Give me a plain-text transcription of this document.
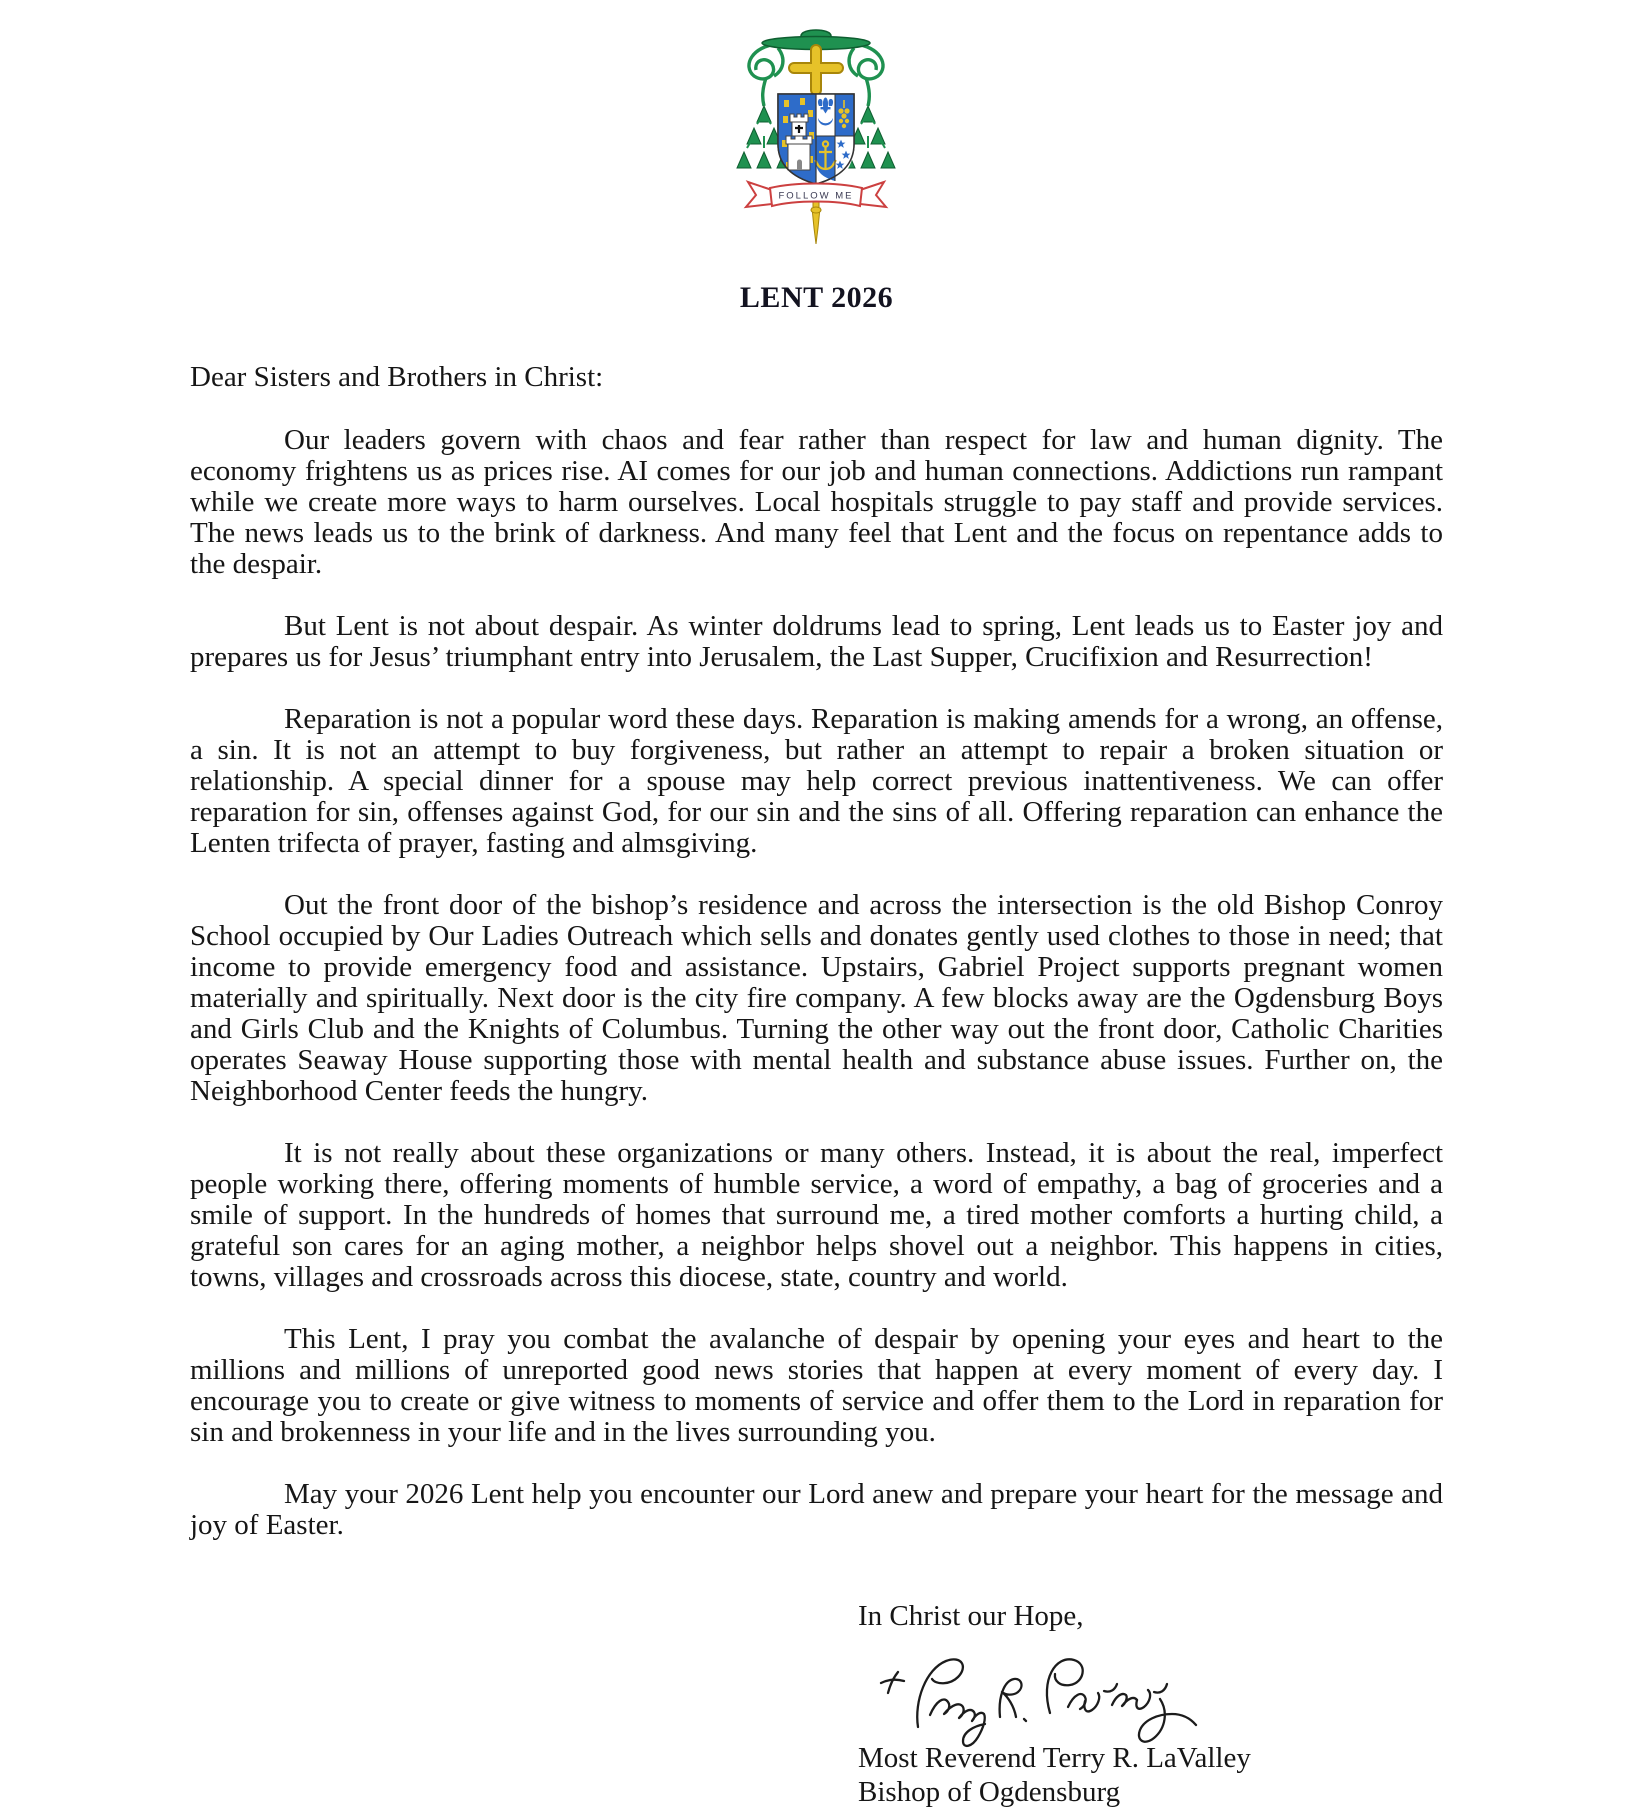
FOLLOW ME
LENT 2026
Dear Sisters and Brothers in Christ:

Our leaders govern with chaos and fear rather than respect for law and human dignity. The economy frightens us as prices rise. AI comes for our job and human connections. Addictions run rampant while we create more ways to harm ourselves. Local hospitals struggle to pay staff and provide services. The news leads us to the brink of darkness. And many feel that Lent and the focus on repentance adds to the despair.

But Lent is not about despair. As winter doldrums lead to spring, Lent leads us to Easter joy and prepares us for Jesus’ triumphant entry into Jerusalem, the Last Supper, Crucifixion and Resurrection!

Reparation is not a popular word these days. Reparation is making amends for a wrong, an offense, a sin. It is not an attempt to buy forgiveness, but rather an attempt to repair a broken situation or relationship. A special dinner for a spouse may help correct previous inattentiveness. We can offer reparation for sin, offenses against God, for our sin and the sins of all. Offering reparation can enhance the Lenten trifecta of prayer, fasting and almsgiving.

Out the front door of the bishop’s residence and across the intersection is the old Bishop Conroy School occupied by Our Ladies Outreach which sells and donates gently used clothes to those in need; that income to provide emergency food and assistance. Upstairs, Gabriel Project supports pregnant women materially and spiritually. Next door is the city fire company. A few blocks away are the Ogdensburg Boys and Girls Club and the Knights of Columbus. Turning the other way out the front door, Catholic Charities operates Seaway House supporting those with mental health and substance abuse issues. Further on, the Neighborhood Center feeds the hungry.

It is not really about these organizations or many others. Instead, it is about the real, imperfect people working there, offering moments of humble service, a word of empathy, a bag of groceries and a smile of support. In the hundreds of homes that surround me, a tired mother comforts a hurting child, a grateful son cares for an aging mother, a neighbor helps shovel out a neighbor. This happens in cities, towns, villages and crossroads across this diocese, state, country and world.

This Lent, I pray you combat the avalanche of despair by opening your eyes and heart to the millions and millions of unreported good news stories that happen at every moment of every day. I encourage you to create or give witness to moments of service and offer them to the Lord in reparation for sin and brokenness in your life and in the lives surrounding you.

May your 2026 Lent help you encounter our Lord anew and prepare your heart for the message and joy of Easter.

In Christ our Hope,
Most Reverend Terry R. LaValley
Bishop of Ogdensburg
